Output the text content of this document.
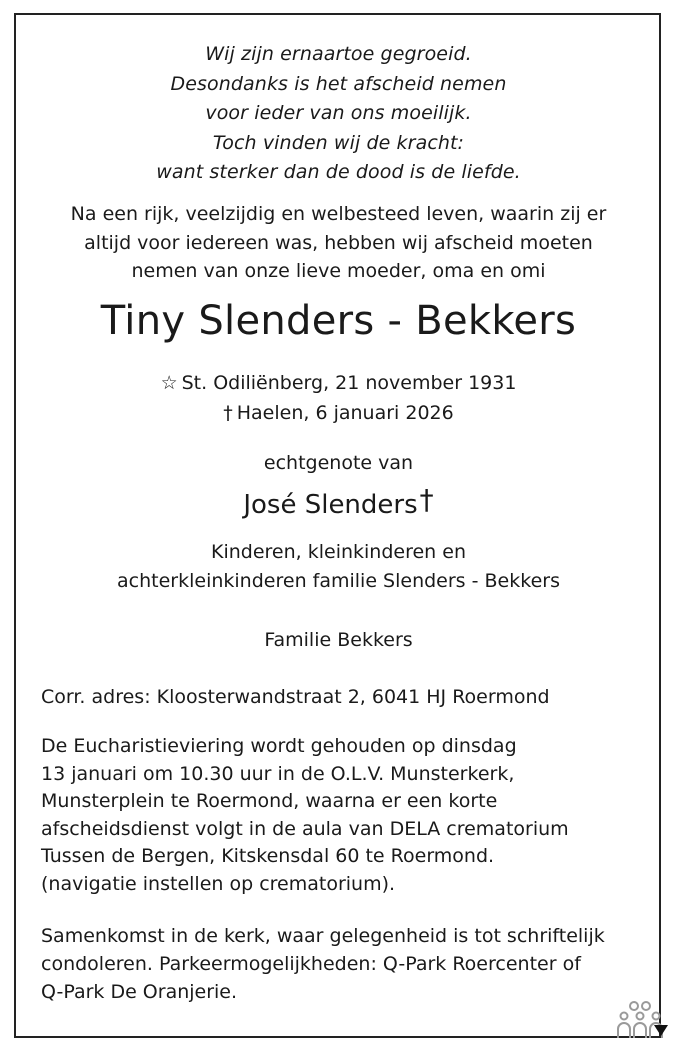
Wij zijn ernaartoe gegroeid.
Desondanks is het afscheid nemen
voor ieder van ons moeilijk.
Toch vinden wij de kracht:
want sterker dan de dood is de liefde.
Na een rijk, veelzijdig en welbesteed leven, waarin zij er
altijd voor iedereen was, hebben wij afscheid moeten
nemen van onze lieve moeder, oma en omi
Tiny Slenders - Bekkers
☆ St. Odiliënberg, 21 november 1931
† Haelen, 6 januari 2026
echtgenote van
José Slenders†
Kinderen, kleinkinderen en
achterkleinkinderen familie Slenders - Bekkers
Familie Bekkers
Corr. adres: Kloosterwandstraat 2, 6041 HJ Roermond
De Eucharistieviering wordt gehouden op dinsdag
13 januari om 10.30 uur in de O.L.V. Munsterkerk,
Munsterplein te Roermond, waarna er een korte
afscheidsdienst volgt in de aula van DELA crematorium
Tussen de Bergen, Kitskensdal 60 te Roermond.
(navigatie instellen op crematorium).
Samenkomst in de kerk, waar gelegenheid is tot schriftelijk
condoleren. Parkeermogelijkheden: Q-Park Roercenter of
Q-Park De Oranjerie.
